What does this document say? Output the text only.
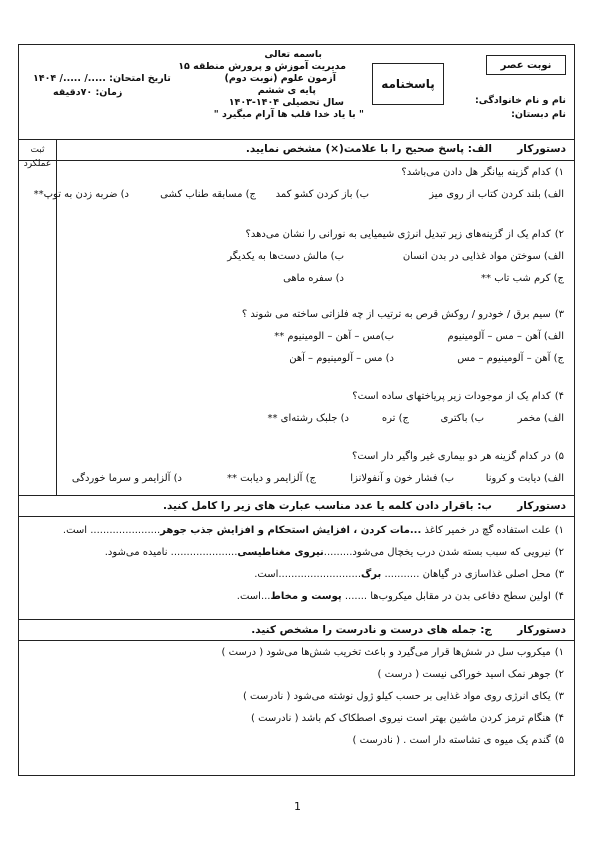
باسمه تعالی
مدیریت آموزش و پرورش منطقه ۱۵
آزمون علوم (نوبت دوم)
پایه ی ششم
سال تحصیلی ۱۴۰۴-۱۴۰۳
" با یاد خدا قلب ها آرام میگیرد "
پاسخنامه
نوبت عصر
نام و نام خانوادگی:
نام دبستان:
تاریخ امتحان: ...../ ...../ ۱۴۰۴
زمان: ۷۰دقیقه
ثبت
عملکرد
دستورکار
الف: پاسخ صحیح را با علامت(×) مشخص نمایید.
۱)کدام گزینه بیانگر هل دادن می‌باشد؟
الف) بلند کردن کتاب از روی میز
ب) باز کردن کشو کمد
ج) مسابقه طناب کشی
د) ضربه زدن به توپ**
۲)کدام یک از گزینه‌های زیر تبدیل انرژی شیمیایی به نورانی را نشان می‌دهد؟
الف) سوختن مواد غذایی در بدن انسان
ب) مالش دست‌ها به یکدیگر
ج) کرم شب تاب **
د) سفره ماهی
۳)سیم برق / خودرو / روکش قرص به ترتیب از چه فلزاتی ساخته می شوند ؟
الف) آهن – مس – آلومینیوم
ب)مس – آهن – الومینیوم **
ج) آهن – آلومینیوم – مس
د) مس – آلومینیوم – آهن
۴)کدام یک از موجودات زیر پریاختهای ساده است؟
الف) مخمر
ب) باکتری
ج) تره
د) جلبک رشته‌ای **
۵)در کدام گزینه هر دو بیماری غیر واگیر دار است؟
الف) دیابت و کرونا
ب) فشار خون و آنفولانزا
ج) آلزایمر و دیابت **
د) آلزایمر و سرما خوردگی
دستورکار
ب: باقرار دادن کلمه یا عدد مناسب عبارت های زیر را کامل کنید.
۱)علت استفاده گچ در خمیر کاغذ ...مات کردن ، افزایش استحکام و افزایش جذب جوهر...................... است.
۲)نیرویی که سبب بسته شدن درب یخچال می‌شود.........نیروی مغناطیسی..................... نامیده می‌شود.
۳)محل اصلی غذاسازی در گیاهان ........... برگ..........................است.
۴)اولین سطح دفاعی بدن در مقابل میکروب‌ها ....... پوست و مخاط...است.
دستورکار
ج: جمله های درست و نادرست را مشخص کنید.
۱)میکروب سل در شش‌ها قرار می‌گیرد و باعث تخریب شش‌ها می‌شود ( درست )
۲)جوهر نمک اسید خوراکی نیست ( درست )
۳)یکای انرژی روی مواد غذایی بر حسب کیلو ژول نوشته می‌شود ( نادرست )
۴)هنگام ترمز کردن ماشین بهتر است نیروی اصطکاک کم باشد ( نادرست )
۵)گندم یک میوه ی تشاسته دار است . ( نادرست )
1
